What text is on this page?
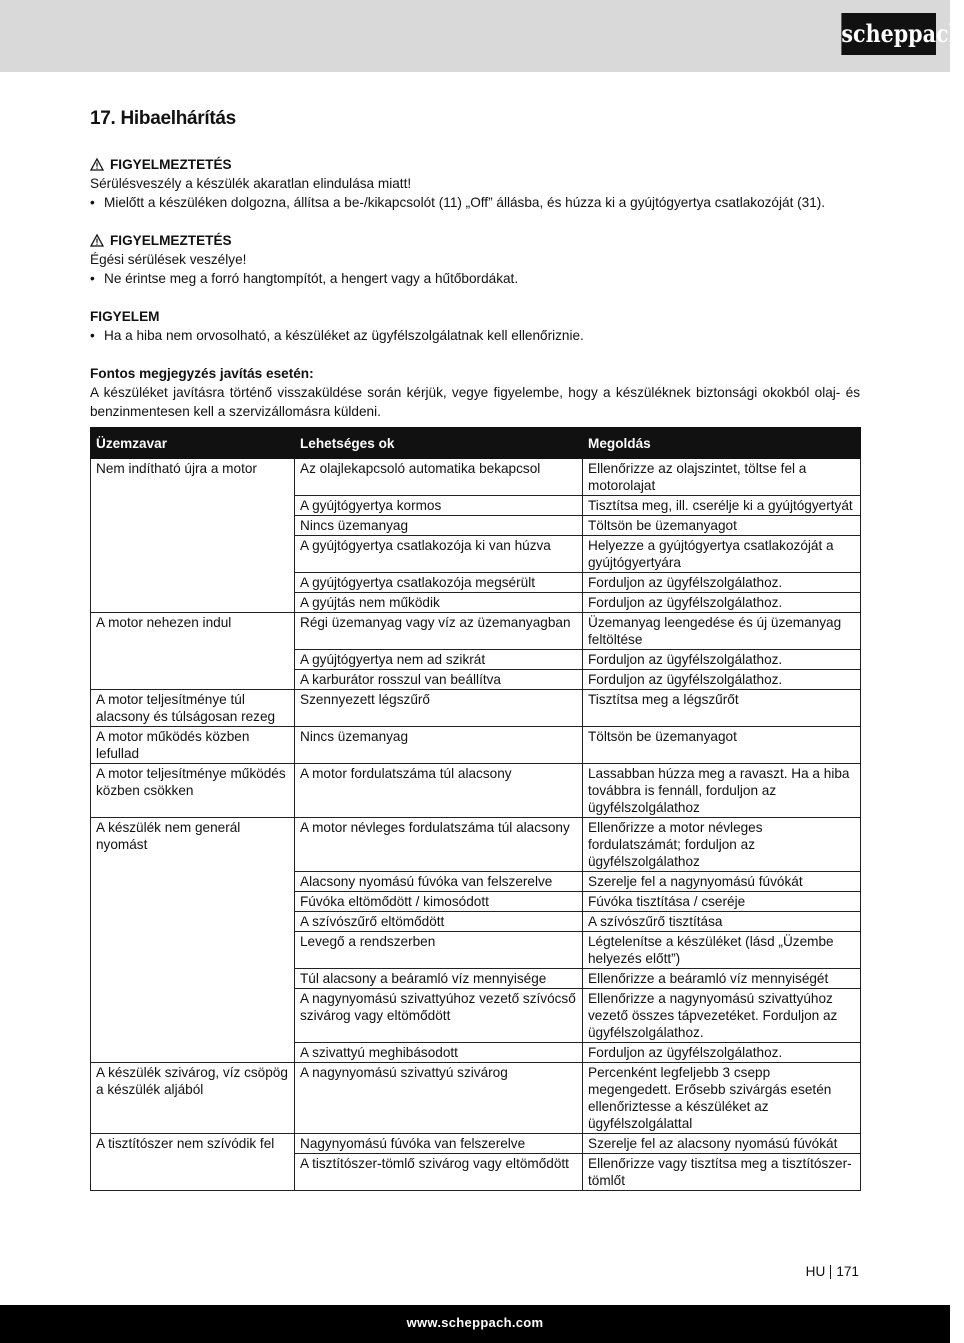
scheppach
17. Hibaelhárítás
FIGYELMEZTETÉS
Sérülésveszély a készülék akaratlan elindulása miatt!
• Mielőtt a készüléken dolgozna, állítsa a be-/kikapcsolót (11) „Off” állásba, és húzza ki a gyújtógyertya csatlakozóját (31).
FIGYELMEZTETÉS
Égési sérülések veszélye!
• Ne érintse meg a forró hangtompítót, a hengert vagy a hűtőbordákat.
FIGYELEM
• Ha a hiba nem orvosolható, a készüléket az ügyfélszolgálatnak kell ellenőriznie.
Fontos megjegyzés javítás esetén:
A készüléket javításra történő visszaküldése során kérjük, vegye figyelembe, hogy a készüléknek biztonsági okokból olaj- és benzinmentesen kell a szervizállomásra küldeni.
Üzemzavar	Lehetséges ok	Megoldás
Nem indítható újra a motor	Az olajlekapcsoló automatika bekapcsol	Ellenőrizze az olajszintet, töltse fel a motorolajat
	A gyújtógyertya kormos	Tisztítsa meg, ill. cserélje ki a gyújtógyertyát
	Nincs üzemanyag	Töltsön be üzemanyagot
	A gyújtógyertya csatlakozója ki van húzva	Helyezze a gyújtógyertya csatlakozóját a gyújtógyertyára
	A gyújtógyertya csatlakozója megsérült	Forduljon az ügyfélszolgálathoz.
	A gyújtás nem működik	Forduljon az ügyfélszolgálathoz.
A motor nehezen indul	Régi üzemanyag vagy víz az üzemanyagban	Üzemanyag leengedése és új üzemanyag feltöltése
	A gyújtógyertya nem ad szikrát	Forduljon az ügyfélszolgálathoz.
	A karburátor rosszul van beállítva	Forduljon az ügyfélszolgálathoz.
A motor teljesítménye túl alacsony és túlságosan rezeg	Szennyezett légszűrő	Tisztítsa meg a légszűrőt
A motor működés közben lefullad	Nincs üzemanyag	Töltsön be üzemanyagot
A motor teljesítménye működés közben csökken	A motor fordulatszáma túl alacsony	Lassabban húzza meg a ravaszt. Ha a hiba továbbra is fennáll, forduljon az ügyfélszolgálathoz
A készülék nem generál nyomást	A motor névleges fordulatszáma túl alacsony	Ellenőrizze a motor névleges fordulatszámát; forduljon az ügyfélszolgálathoz
	Alacsony nyomású fúvóka van felszerelve	Szerelje fel a nagynyomású fúvókát
	Fúvóka eltömődött / kimosódott	Fúvóka tisztítása / cseréje
	A szívószűrő eltömődött	A szívószűrő tisztítása
	Levegő a rendszerben	Légtelenítse a készüléket (lásd „Üzembe helyezés előtt”)
	Túl alacsony a beáramló víz mennyisége	Ellenőrizze a beáramló víz mennyiségét
	A nagynyomású szivattyúhoz vezető szívócső szivárog vagy eltömődött	Ellenőrizze a nagynyomású szivattyúhoz vezető összes tápvezetéket. Forduljon az ügyfélszolgálathoz.
	A szivattyú meghibásodott	Forduljon az ügyfélszolgálathoz.
A készülék szivárog, víz csöpög a készülék aljából	A nagynyomású szivattyú szivárog	Percenként legfeljebb 3 csepp megengedett. Erősebb szivárgás esetén ellenőriztesse a készüléket az ügyfélszolgálattal
A tisztítószer nem szívódik fel	Nagynyomású fúvóka van felszerelve	Szerelje fel az alacsony nyomású fúvókát
	A tisztítószer-tömlő szivárog vagy eltömődött	Ellenőrizze vagy tisztítsa meg a tisztítószer-tömlőt
HU 171
www.scheppach.com
